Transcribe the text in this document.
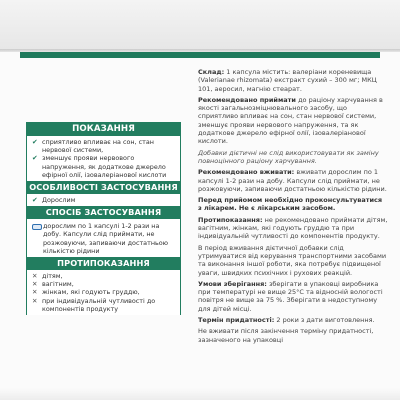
ПОКАЗАННЯ
✔ сприятливо впливає на сон, стан нервової системи,
✔ зменшує прояви нервового напруження, як додаткове джерело ефірної олії, ізовалеріанової кислоти
ОСОБЛИВОСТІ ЗАСТОСУВАННЯ
✔ Дорослим
СПОСІБ ЗАСТОСУВАННЯ
дорослим по 1 капсулі 1-2 рази на добу. Капсули слід приймати, не розжовуючи, запиваючи достатньою кількістю рідини
ПРОТИПОКАЗАННЯ
✕ дітям,
✕ вагітним,
✕ жінкам, які годують груддю,
✕ при індивідуальній чутливості до компонентів продукту
Склад: 1 капсула містить: валеріани кореневища (Valerianae rhizomata) екстракт сухий – 300 мг; МКЦ 101, аеросил, магнію стеарат.
Рекомендовано приймати до раціону харчування в якості загальнозміцнювального засобу, що сприятливо впливає на сон, стан нервової системи, зменшує прояви нервового напруження, та як додаткове джерело ефірної олії, ізовалеріанової кислоти.
Добавки дієтичні не слід використовувати як заміну повноцінного раціону харчування.
Рекомендовано вживати: вживати дорослим по 1 капсулі 1-2 рази на добу. Капсули слід приймати, не розжовуючи, запиваючи достатньою кількістю рідини.
Перед прийомом необхідно проконсультуватися з лікарем. Не є лікарським засобом.
Протипоказання: не рекомендовано приймати дітям, вагітним, жінкам, які годують груддю та при індивідуальній чутливості до компонентів продукту.
В період вживання дієтичної добавки слід утримуватися від керування транспортними засобами та виконання іншої роботи, яка потребує підвищеної уваги, швидких психічних і рухових реакцій.
Умови зберігання: зберігати в упаковці виробника при температурі не вище 25°С та відносній вологості повітря не вище за 75 %. Зберігати в недоступному для дітей місці.
Термін придатності: 2 роки з дати виготовлення.
Не вживати після закінчення терміну придатності, зазначеного на упаковці
